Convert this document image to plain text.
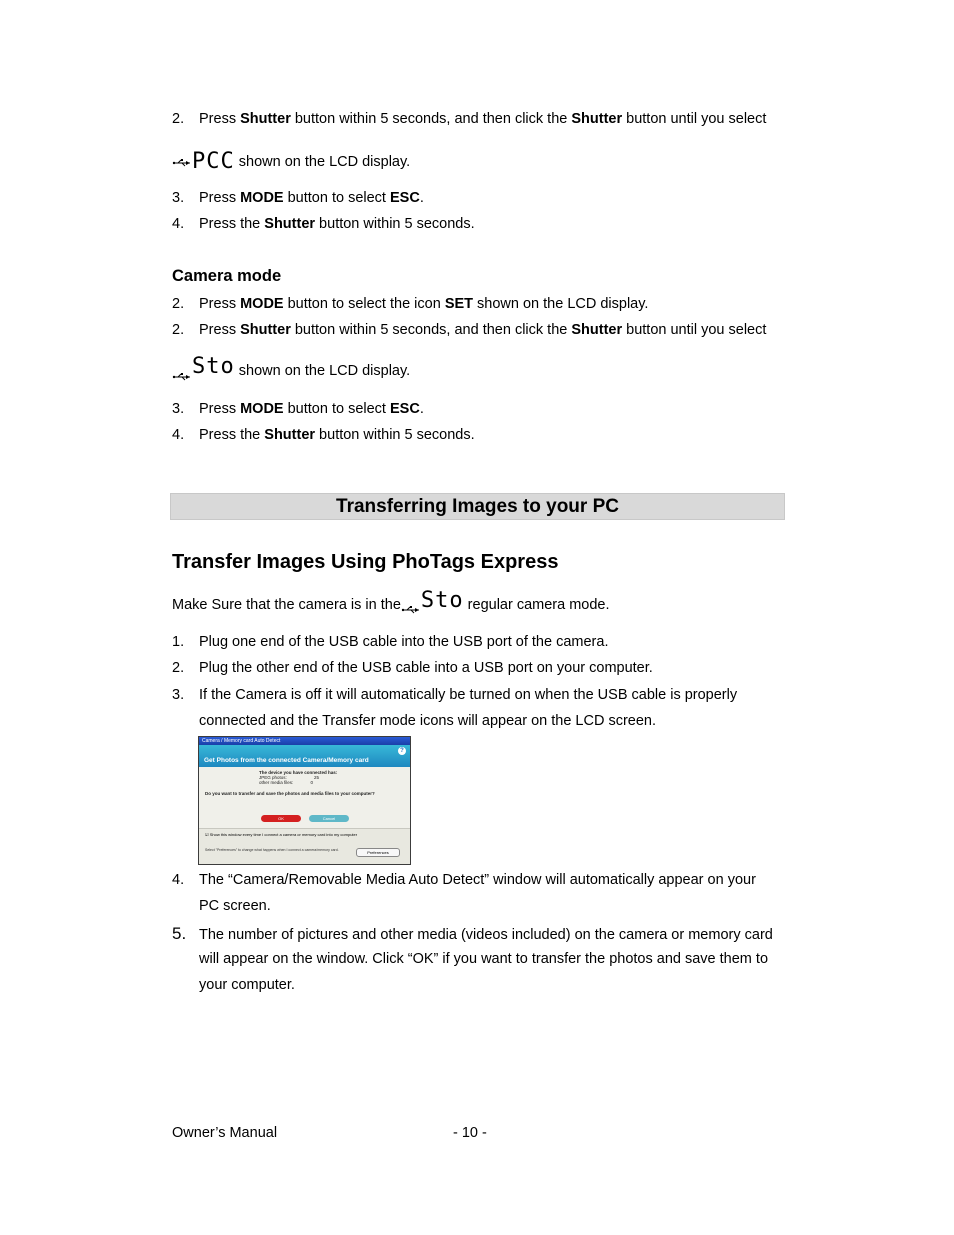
2. Press Shutter button within 5 seconds, and then click the Shutter button until you select
PCC shown on the LCD display.
3. Press MODE button to select ESC.
4. Press the Shutter button within 5 seconds.
Camera mode
2. Press MODE button to select the icon SET shown on the LCD display.
2. Press Shutter button within 5 seconds, and then click the Shutter button until you select
Sto shown on the LCD display.
3. Press MODE button to select ESC.
4. Press the Shutter button within 5 seconds.
Transferring Images to your PC
Transfer Images Using PhoTags Express
Make Sure that the camera is in the Sto regular camera mode.
1. Plug one end of the USB cable into the USB port of the camera.
2. Plug the other end of the USB cable into a USB port on your computer.
3. If the Camera is off it will automatically be turned on when the USB cable is properly
connected and the Transfer mode icons will appear on the LCD screen.
Camera / Memory card Auto Detect
?
Get Photos from the connected Camera/Memory card
The device you have connected has:
JPEG photos:	25
other media files:	0
Do you want to transfer and save the photos and media files to your computer?
OK	Cancel
☑ Show this window every time I connect a camera or memory card into my computer
Select "Preferences" to change what happens when I connect a camera/memory card.	Preferences
4. The “Camera/Removable Media Auto Detect” window will automatically appear on your
PC screen.
5. The number of pictures and other media (videos included) on the camera or memory card
will appear on the window. Click “OK” if you want to transfer the photos and save them to
your computer.
Owner’s Manual	- 10 -
